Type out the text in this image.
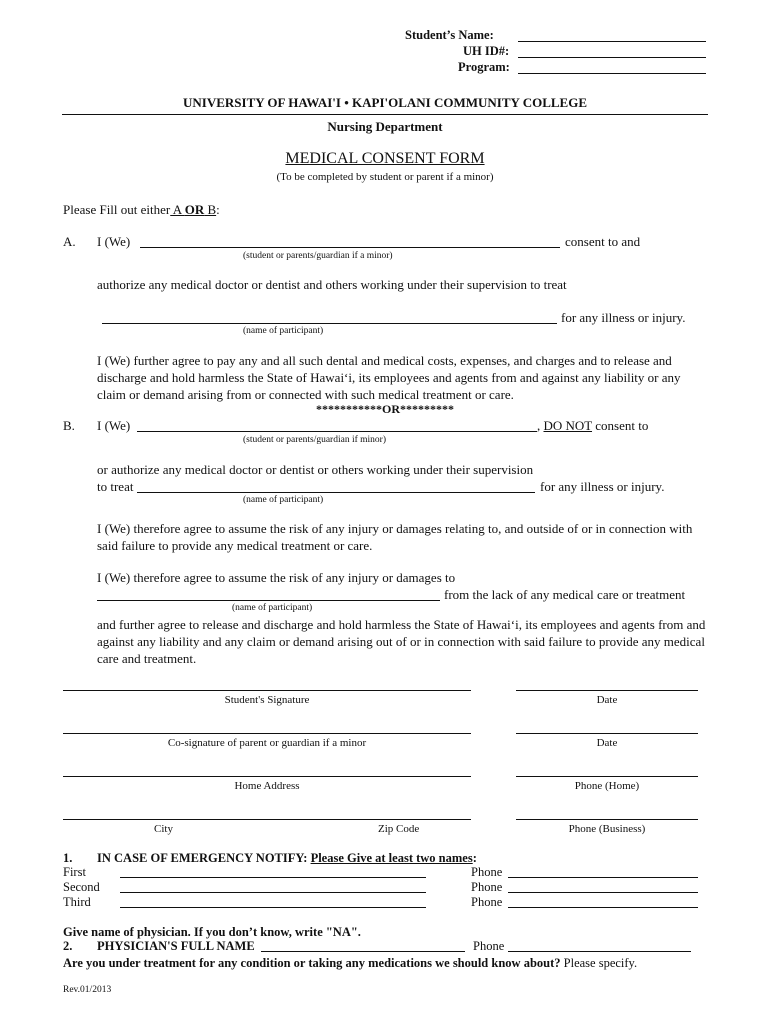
Student’s Name:
UH ID#:
Program:
UNIVERSITY OF HAWAI'I • KAPI'OLANI COMMUNITY COLLEGE
Nursing Department
MEDICAL CONSENT FORM
(To be completed by student or parent if a minor)
Please Fill out either A OR B:
A. I (We)	consent to and
(student or parents/guardian if a minor)
authorize any medical doctor or dentist and others working under their supervision to treat
for any illness or injury.
(name of participant)
I (We) further agree to pay any and all such dental and medical costs, expenses, and charges and to release and discharge and hold harmless the State of Hawai‘i, its employees and agents from and against any liability or any claim or demand arising from or connected with such medical treatment or care.
***********OR*********
B. I (We)	, DO NOT consent to
(student or parents/guardian if minor)
or authorize any medical doctor or dentist or others working under their supervision
to treat	for any illness or injury.
(name of participant)
I (We) therefore agree to assume the risk of any injury or damages relating to, and outside of or in connection with said failure to provide any medical treatment or care.
I (We) therefore agree to assume the risk of any injury or damages to
from the lack of any medical care or treatment
(name of participant)
and further agree to release and discharge and hold harmless the State of Hawai‘i, its employees and agents from and against any liability and any claim or demand arising out of or in connection with said failure to provide any medical care and treatment.
Student's Signature	Date
Co-signature of parent or guardian if a minor	Date
Home Address	Phone (Home)
City	Zip Code	Phone (Business)
1. IN CASE OF EMERGENCY NOTIFY: Please Give at least two names:
First	Phone
Second	Phone
Third	Phone
Give name of physician. If you don’t know, write "NA".
2. PHYSICIAN'S FULL NAME	Phone
Are you under treatment for any condition or taking any medications we should know about? Please specify.
Rev.01/2013
